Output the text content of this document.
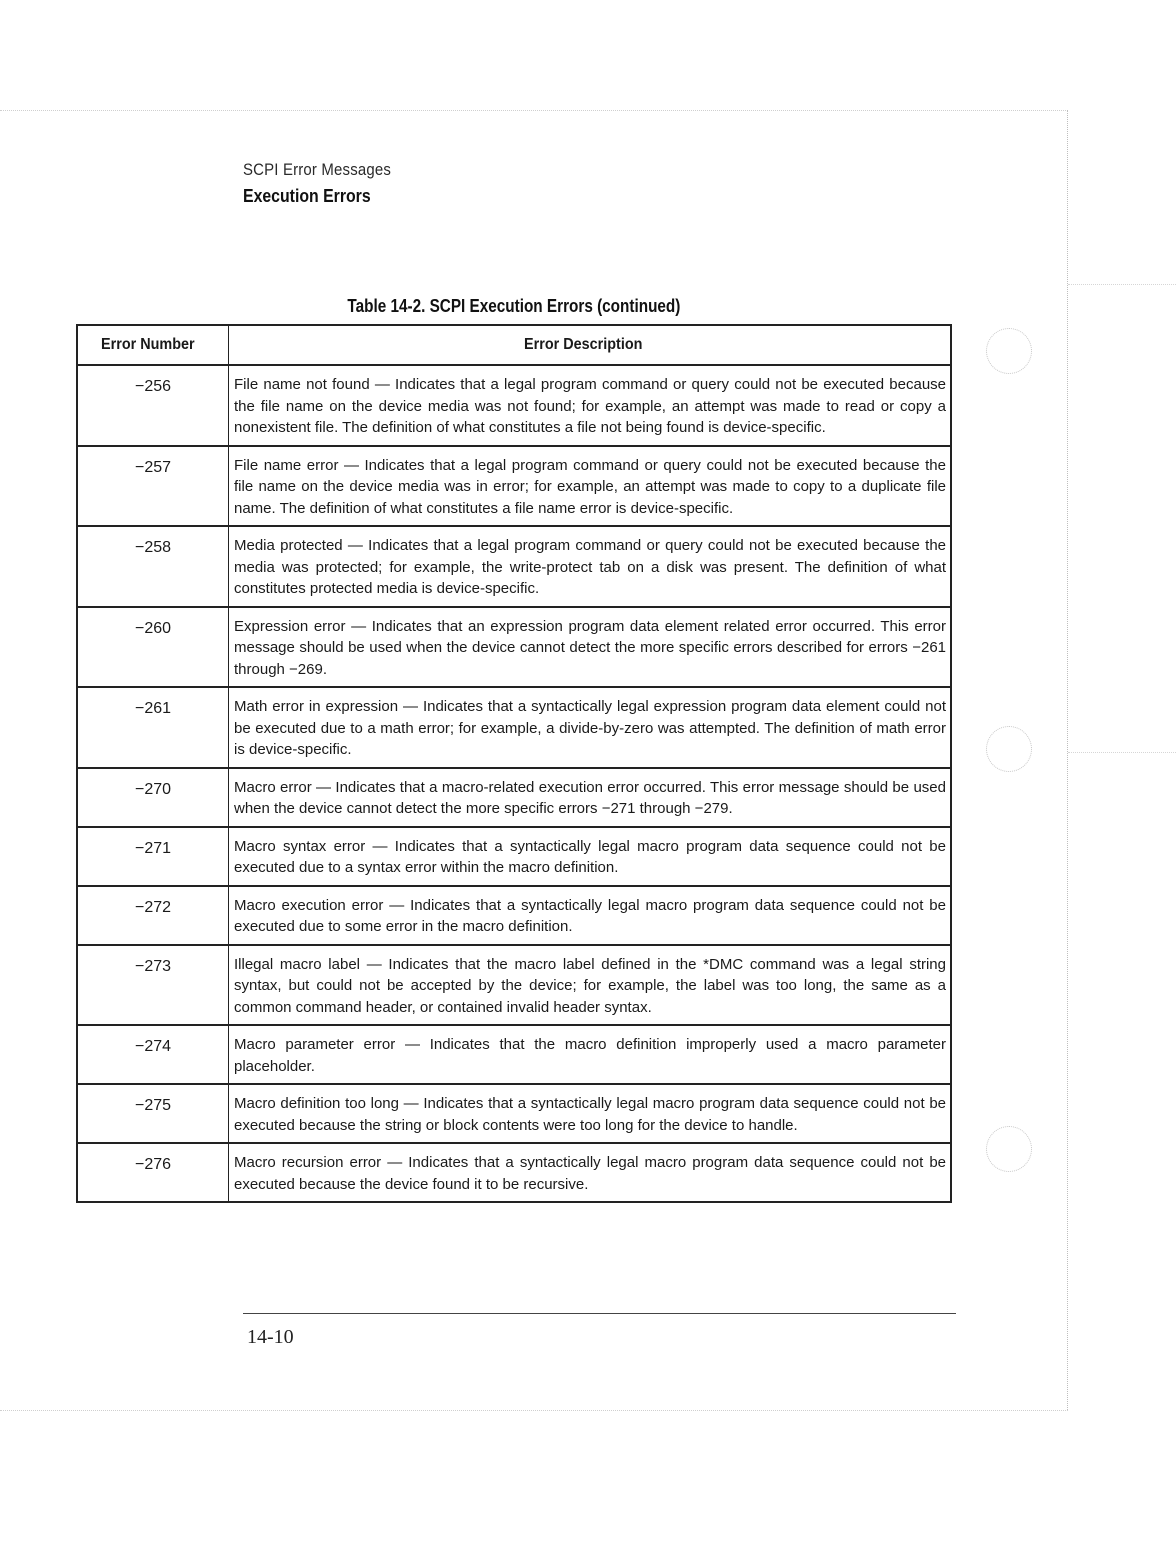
SCPI Error Messages
Execution Errors
Table 14-2. SCPI Execution Errors (continued)
Error Number	Error Description
−256	File name not found — Indicates that a legal program command or query could not be executed because the file name on the device media was not found; for example, an attempt was made to read or copy a nonexistent file. The definition of what constitutes a file not being found is device-specific.
−257	File name error — Indicates that a legal program command or query could not be executed because the file name on the device media was in error; for example, an attempt was made to copy to a duplicate file name. The definition of what constitutes a file name error is device-specific.
−258	Media protected — Indicates that a legal program command or query could not be executed because the media was protected; for example, the write-protect tab on a disk was present. The definition of what constitutes protected media is device-specific.
−260	Expression error — Indicates that an expression program data element related error occurred. This error message should be used when the device cannot detect the more specific errors described for errors −261 through −269.
−261	Math error in expression — Indicates that a syntactically legal expression program data element could not be executed due to a math error; for example, a divide-by-zero was attempted. The definition of math error is device-specific.
−270	Macro error — Indicates that a macro-related execution error occurred. This error message should be used when the device cannot detect the more specific errors −271 through −279.
−271	Macro syntax error — Indicates that a syntactically legal macro program data sequence could not be executed due to a syntax error within the macro definition.
−272	Macro execution error — Indicates that a syntactically legal macro program data sequence could not be executed due to some error in the macro definition.
−273	Illegal macro label — Indicates that the macro label defined in the *DMC command was a legal string syntax, but could not be accepted by the device; for example, the label was too long, the same as a common command header, or contained invalid header syntax.
−274	Macro parameter error — Indicates that the macro definition improperly used a macro parameter placeholder.
−275	Macro definition too long — Indicates that a syntactically legal macro program data sequence could not be executed because the string or block contents were too long for the device to handle.
−276	Macro recursion error — Indicates that a syntactically legal macro program data sequence could not be executed because the device found it to be recursive.
14-10
